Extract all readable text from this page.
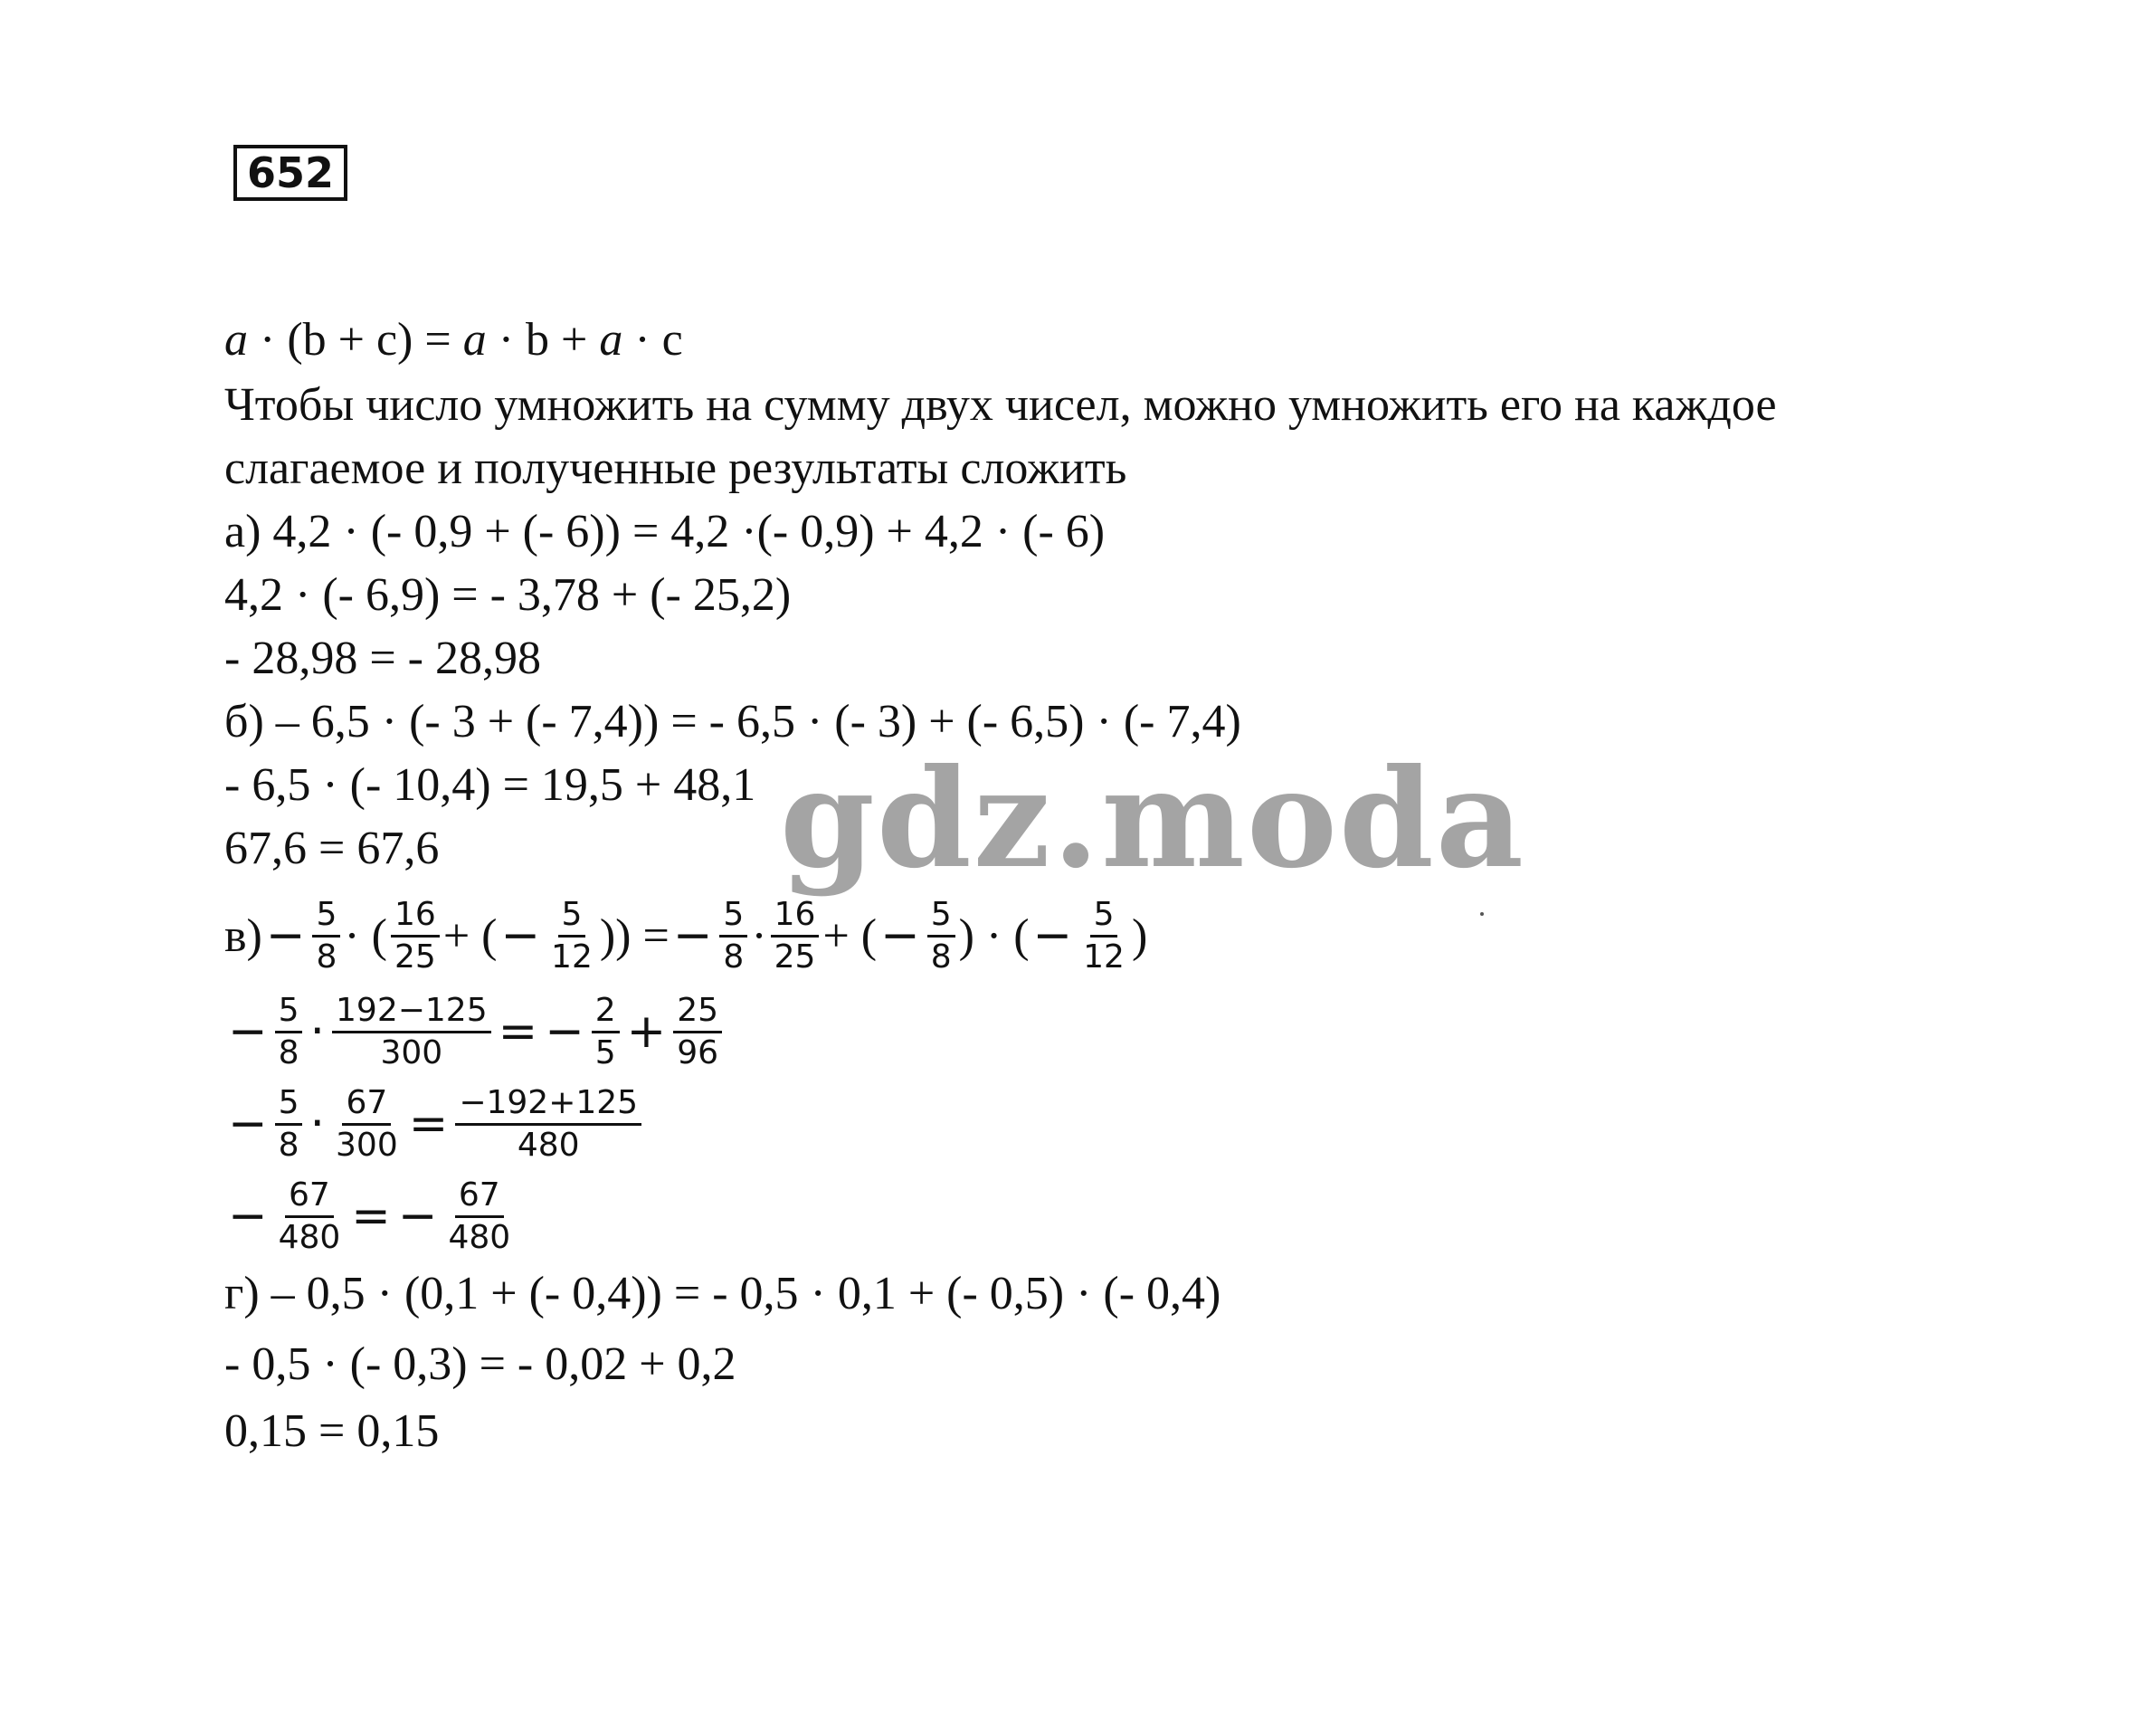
652
a · (b + c) = a · b + a · c
Чтобы число умножить на сумму двух чисел, можно умножить его на каждое
слагаемое и полученные результаты сложить
а) 4,2 · (- 0,9 + (- 6)) = 4,2 ·(- 0,9) + 4,2 · (- 6)
4,2 · (- 6,9) = - 3,78 + (- 25,2)
- 28,98 = - 28,98
б) – 6,5 · (- 3 + (- 7,4)) = - 6,5 · (- 3) + (- 6,5) · (- 7,4)
- 6,5 · (- 10,4) = 19,5 + 48,1
67,6 = 67,6
$в) - \frac{5}{8}$ · ( $\frac{16}{25}$ + ( − $\frac{5}{12}$ )) = − $\frac{5}{8} \cdot \frac{16}{25}$ + ( − $\frac{5}{8}$ ) · ( − $\frac{5}{12}$ )
− $\frac{5}{8} \cdot \frac{192-125}{300}$ = − $\frac{2}{5} + \frac{25}{96}$
− $\frac{5}{8} \cdot \frac{67}{300} = \frac{-192+125}{480}$
− $\frac{67}{480}$ = − $\frac{67}{480}$
г) – 0,5 · (0,1 + (- 0,4)) = - 0,5 · 0,1 + (- 0,5) · (- 0,4)
- 0,5 · (- 0,3) = - 0,02 + 0,2
0,15 = 0,15
gdz.moda
